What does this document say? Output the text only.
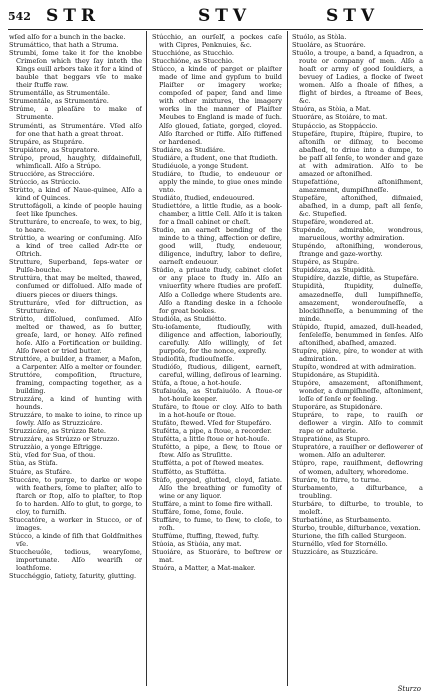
542 STR	STV	STV

wſed alſo for a bunch in the backe.

Strumáttico, that hath a Struma.

Strumbi, ſome take it for the knobbe Crimeſon which they ſay inteth the Kings euill arbors take it for a kind of bauble that beggars vſe to make their ſtuffe raw.

Strumentálle, as Strumentále.

Strumentále, as Strumentáre.

Strúme, a pleaſáre to make of Strumente.

Struménti, as Strumentáre. Vſed alſo for one that hath a great throat.

Strupáre, as Stupráre.

Strupiátore, as Stupratore.

Strúpo, proud, haughty, diſdainefull, whimſicall. Alſo a Strúpo.

Struccióre, as Streccióre.

Strúccio, as Strúccio.

Strùtto, a kind of Naue-quinee, Alſo a kind of Quinces.

Struttofágoli, a kinde of people hauing ſeet like ſpunches.

Strutturáre, to encreaſe, to wex, to big, to heare.

Strúttio, a wearing or conſuming. Alſo a kind of tree called Adr-tte or Oſtrich.

Strutture, Superband, ſeps-water or Pulſe-bouche.

Struttúra, that may be melted, thawed, conſumed or diſſolued. Alſo made of diuers pieces or diuers things.

Strutturáre, vſed for diſtruction, as Strutturáre.

Strútto, diſſolued, conſumed. Alſo melted or thawed, as ſo butter, greaſe, lard, or honey. Alſo refined hoſe. Alſo a Fortification or building. Alſo ſweet or tried butter.

Struttóre, a builder, a framer, a Maſon, a Carpenter. Alſo a melter or founder.

Struttóre, compoſition, ſtructure, framing, compacting together, as a building.

Struzzáre, a kind of hunting with hounds.

Struzzáre, to make to ioine, to rince up ſowly. Alſo as Struzzicáre.

Struzzicáre, as Strúzzo Rete.

Struzzáre, as Strúzzo or Struzzo.

Struzzàio, a yonge Eſtrigge.

Stù, vſed for Sua, of thou.

Stùa, as Stùfa.

Stuáre, as Stufáre.

Stuccáre, to purge, to darke or wope with feathers, ſome to plaſter, alſo to ſtarch or ſtop, alſo to plaſter, to ſtop ſo to harden. Alſo to glut, to gorge, to cloy, to furniſh.

Stuccatóre, a worker in Stucco, or of images.

Stúcco, a kinde of ſiſh that Goldſmithes vſe.

Stuccheuóle, tedious, wearyſome, importunate. Alſo weariſh or loathſome.

Stucchéggio, ſatiety, ſaturity, glutting.

Stúcchio, an ourſelf, a pockes caſe with Cipres, Penknuies, &c.

Stucchióne, as Stucchio.

Stucchióne, as Stucchio.

Stúcco, a kinde of parget or plaiſter made of lime and gypſum to build Plaiſter or imagery worke; compoſed of paper, ſand and lime with other mixtures, the imagery works in the manner of Plaiſter Meubes to England is made of ſuch. Alſo gloued, ſatiate, gorged, cloyed. Alſo ſtarched or ſtiffe. Alſo ſtiffened or hardened.

Studiáre, as Studiáre.

Studiáre, a ſtudent, one that ſtudieth.

Studiéuole, a yonge Student.

Studiáre, to ſtudie, to endeuour or apply the minde, to giue ones minde vnto.

Studiáto, ſtudied, endeuoured.

Studiettóre, a little ſtudie, as a book-chamber, a little Cell. Alſo it is taken for a ſmall cabinet or cheſt.

Studio, an earneſt bending of the minde to a thing, affection or deſire, good will, ſtudy, endeuour, diligence, induſtry, labor to deſire, earneſt endeuour.

Stúdio, a priuate ſtudy, cabinet cloſet or any place to ſtudy in. Alſo an vniuerſity where ſtudies are profeſſ. Alſo a Colledge where Students are. Alſo a ſtanding deske in a ſchoole for great bookes.

Studióla, as Studiétto.

Stu-ioſamente, ſtudiouſly, with diligence and affection, laboriouſly, carefully. Alſo willingly, of ſet purpoſe, for the nonce, expreſly.

Studioſità, ſtudiouſneſſe.

Studióſo, ſtudious, diligent, earneſt, careful, willing, deſirous of learning.

Stúfa, a ſtoue, a hot-houſe.

Stufaiuóla, as Stufaiuólo. A ſtoue-or hot-houſe keeper.

Stufáre, to ſtoue or cloy. Alſo to bath in a hot-houſe or ſtoue.

Stufáto, ſtewed. Vſed for Stupefáro.

Stufétta, a pipe, a ſtoue, a recorder.

Stufétta, a little ſtoue or hot-houſe.

Stufétto, a pipe, a ſlew, to ſtoue or ſtew. Alſo as Struſitte.

Stuffétta, a pot of ſtewed meates.

Stuffétto, as Stuffétta.

Stúfo, gorged, glutted, cloyd, ſatiate. Alſo the breathing or fumoſity of wine or any liquor.

Stuffáre, a mint to ſome fire withall.

Stuffáre, ſome, ſome, foule.

Stuffáre, to fume, to ſlew, to cloſe, to roſh.

Stuffúme, ſtuffing, ſtewed, fuſty.

Stúoia, as Stùóia, any mat.

Stuoiáre, as Stuoráre, to beſtrew or mat.

Stuóra, a Matter, a Mat-maker.

Stuólo, as Stòla.

Stuoláre, as Stuoráre.

Stuólo, a troupe, a band, a ſquadron, a route or company of men. Alſo a hoaſt or army of good ſouldiers, a bevuey of Ladies, a flocke of ſweet women. Alſo a ſhoale of fiſhes, a flight of birdes, a ſtreame of Bees, &c.

Stuóra, as Stòia, a Mat.

Stuoráre, as Stoiáre, to mat.

Stupáccio, as Stoppáccio.

Stupefáre, ſtupire, ſtúpire, ſtupire, to aſtoniſh or diſmay, to become abaſhed, to driue into a dumpe, to be paſſ all ſenſe, to wonder and gaze at with admiration. Alſo to be amazed or aſtoniſhed.

Stupefattiόne, aſtoniſhment, amazement, dumpiſhneſſe.

Stupefáre, aſtoniſhed, diſmaied, abaſhed, in a dump, paſt all ſenſe, &c. Stupefied.

Stupefáre, wondered at.

Stupéndo, admirable, wondrous, marueilous, worthy admiration.

Stupéndo, aſtoniſhing, wonderous, ſtrange and gaze-worthy.

Stupére, as Stupíre.

Stupidézza, as Stupidità.

Stupidíre, dazzle, diſtle, as Stupefáre.

Stupidità, ſtupidity, dulneſſe, amazedneſſe, dull lumpiſhneſſe, amazement, wonderouſneſſe, a blockiſhneſſe, a benumming of the minde.

Stúpido, ſtupid, amazed, dull-headed, ſenſeleſſe, benummed in ſenſes. Alſo aſtoniſhed, abaſhed, amazed.

Stupíre, piáre, píre, to wonder at with admiration.

Stupíto, wondred at with admiration.

Stupidonáre, as Stupidità.

Stupóre, amazement, aſtoniſhment, wonder, a dumpiſhneſſe, aſtoniment, loſſe of ſenſe or feeling.

Stuporáre, as Stupidonáre.

Stupráre, to rape, to rauiſh or deflower a virgin. Alſo to commit rape or adulterie.

Stupratióne, as Stupro.

Stupratóre, a rauiſher or deflowerer of women. Alſo an adulterer.

Stúpro, rape, rauiſhment, deflowring of women, adultery, whoredome.

Sturáre, to ſtirre, to turne.

Sturbamento, a diſturbance, a troubling.

Sturbáre, to diſturbe, to trouble, to moleſt.

Sturbatióne, as Sturbamento.

Sturbo, trouble, diſturbance, vexation.

Sturione, the ſiſh called Sturgeon.

Sturnéllo, vſed for Stornéllo.

Stuzzicáre, as Stuzzicáre.

Sturzo
